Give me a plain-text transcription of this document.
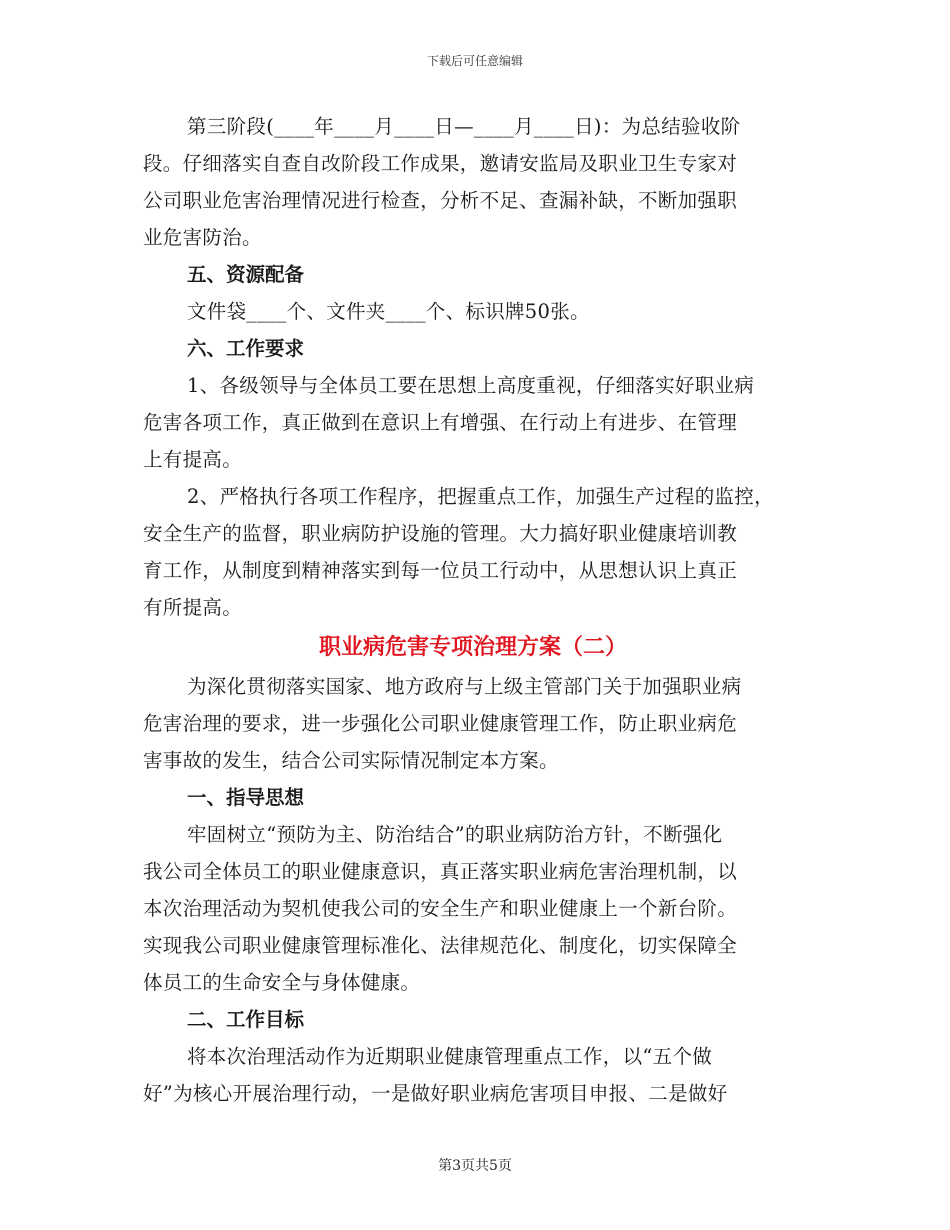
下载后可任意编辑
第三阶段(____年____月____日—____月____日)：为总结验收阶
段。仔细落实自查自改阶段工作成果，邀请安监局及职业卫生专家对
公司职业危害治理情况进行检查，分析不足、查漏补缺，不断加强职
业危害防治。
五、资源配备
文件袋____个、文件夹____个、标识牌50张。
六、工作要求
1、各级领导与全体员工要在思想上高度重视，仔细落实好职业病
危害各项工作，真正做到在意识上有增强、在行动上有进步、在管理
上有提高。
2、严格执行各项工作程序，把握重点工作，加强生产过程的监控，
安全生产的监督，职业病防护设施的管理。大力搞好职业健康培训教
育工作，从制度到精神落实到每一位员工行动中，从思想认识上真正
有所提高。
职业病危害专项治理方案（二）
为深化贯彻落实国家、地方政府与上级主管部门关于加强职业病
危害治理的要求，进一步强化公司职业健康管理工作，防止职业病危
害事故的发生，结合公司实际情况制定本方案。
一、指导思想
牢固树立“预防为主、防治结合”的职业病防治方针，不断强化
我公司全体员工的职业健康意识，真正落实职业病危害治理机制，以
本次治理活动为契机使我公司的安全生产和职业健康上一个新台阶。
实现我公司职业健康管理标准化、法律规范化、制度化，切实保障全
体员工的生命安全与身体健康。
二、工作目标
将本次治理活动作为近期职业健康管理重点工作，以“五个做
好”为核心开展治理行动，一是做好职业病危害项目申报、二是做好
第3页共5页
